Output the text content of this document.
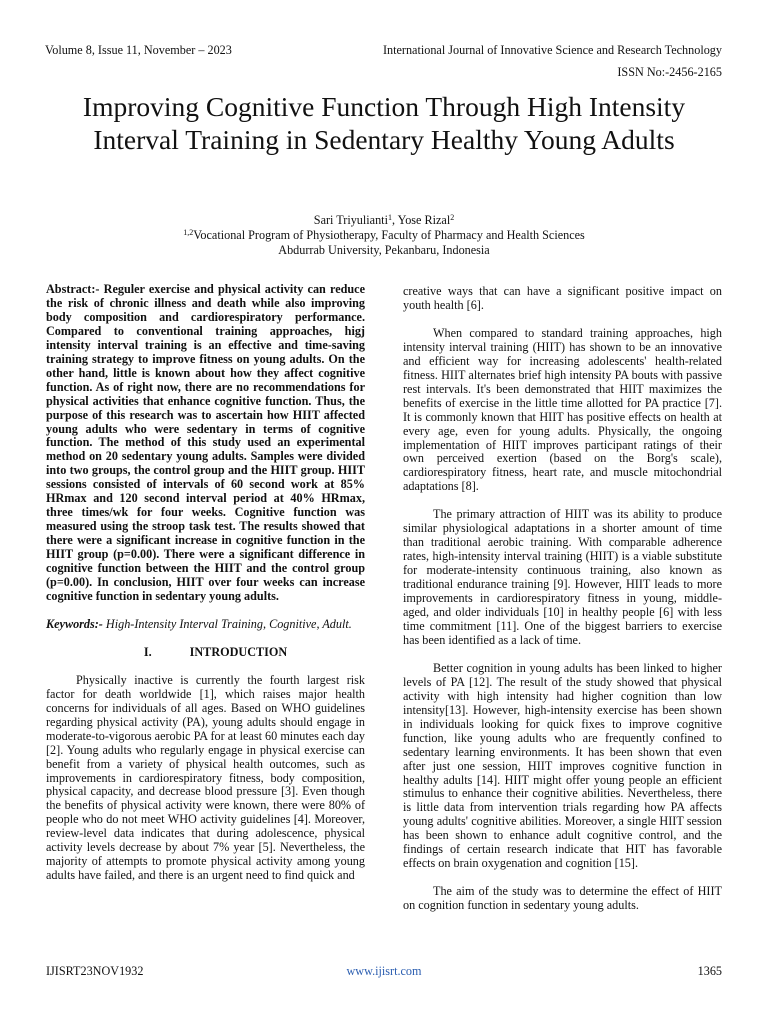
Volume 8, Issue 11, November – 2023	International Journal of Innovative Science and Research Technology
ISSN No:-2456-2165
Improving Cognitive Function Through High Intensity Interval Training in Sedentary Healthy Young Adults
Sari Triyulianti$^1$, Yose Rizal$^2$
$^{1,2}$Vocational Program of Physiotherapy, Faculty of Pharmacy and Health Sciences
Abdurrab University, Pekanbaru, Indonesia

Abstract:- Reguler exercise and physical activity can reduce the risk of chronic illness and death while also improving body composition and cardiorespiratory performance. Compared to conventional training approaches, higj intensity interval training is an effective and time-saving training strategy to improve fitness on young adults. On the other hand, little is known about how they affect cognitive function. As of right now, there are no recommendations for physical activities that enhance cognitive function. Thus, the purpose of this research was to ascertain how HIIT affected young adults who were sedentary in terms of cognitive function. The method of this study used an experimental method on 20 sedentary young adults. Samples were divided into two groups, the control group and the HIIT group. HIIT sessions consisted of intervals of 60 second work at 85% HRmax and 120 second interval period at 40% HRmax, three times/wk for four weeks. Cognitive function was measured using the stroop task test. The results showed that there were a significant increase in cognitive function in the HIIT group (p=0.00). There were a significant difference in cognitive function between the HIIT and the control group (p=0.00). In conclusion, HIIT over four weeks can increase cognitive function in sedentary young adults.

Keywords:- High-Intensity Interval Training, Cognitive, Adult.

I.	INTRODUCTION

Physically inactive is currently the fourth largest risk factor for death worldwide [1], which raises major health concerns for individuals of all ages. Based on WHO guidelines regarding physical activity (PA), young adults should engage in moderate-to-vigorous aerobic PA for at least 60 minutes each day [2]. Young adults who regularly engage in physical exercise can benefit from a variety of physical health outcomes, such as improvements in cardiorespiratory fitness, body composition, physical capacity, and decrease blood pressure [3]. Even though the benefits of physical activity were known, there were 80% of people who do not meet WHO activity guidelines [4]. Moreover, review-level data indicates that during adolescence, physical activity levels decrease by about 7% year [5]. Nevertheless, the majority of attempts to promote physical activity among young adults have failed, and there is an urgent need to find quick and

creative ways that can have a significant positive impact on youth health [6].

When compared to standard training approaches, high intensity interval training (HIIT) has shown to be an innovative and efficient way for increasing adolescents' health-related fitness. HIIT alternates brief high intensity PA bouts with passive rest intervals. It's been demonstrated that HIIT maximizes the benefits of exercise in the little time allotted for PA practice [7]. It is commonly known that HIIT has positive effects on health at every age, even for young adults. Physically, the ongoing implementation of HIIT improves participant ratings of their own perceived exertion (based on the Borg's scale), cardiorespiratory fitness, heart rate, and muscle mitochondrial adaptations [8].

The primary attraction of HIIT was its ability to produce similar physiological adaptations in a shorter amount of time than traditional aerobic training. With comparable adherence rates, high-intensity interval training (HIIT) is a viable substitute for moderate-intensity continuous training, also known as traditional endurance training [9]. However, HIIT leads to more improvements in cardiorespiratory fitness in young, middle-aged, and older individuals [10] in healthy people [6] with less time commitment [11]. One of the biggest barriers to exercise has been identified as a lack of time.

Better cognition in young adults has been linked to higher levels of PA [12]. The result of the study showed that physical activity with high intensity had higher cognition than low intensity[13]. However, high-intensity exercise has been shown in individuals looking for quick fixes to improve cognitive function, like young adults who are frequently confined to sedentary learning environments. It has been shown that even after just one session, HIIT improves cognitive function in healthy adults [14]. HIIT might offer young people an efficient stimulus to enhance their cognitive abilities. Nevertheless, there is little data from intervention trials regarding how PA affects young adults' cognitive abilities. Moreover, a single HIIT session has been shown to enhance adult cognitive control, and the findings of certain research indicate that HIT has favorable effects on brain oxygenation and cognition [15].

The aim of the study was to determine the effect of HIIT on cognition function in sedentary young adults.

IJISRT23NOV1932	www.ijisrt.com	1365
